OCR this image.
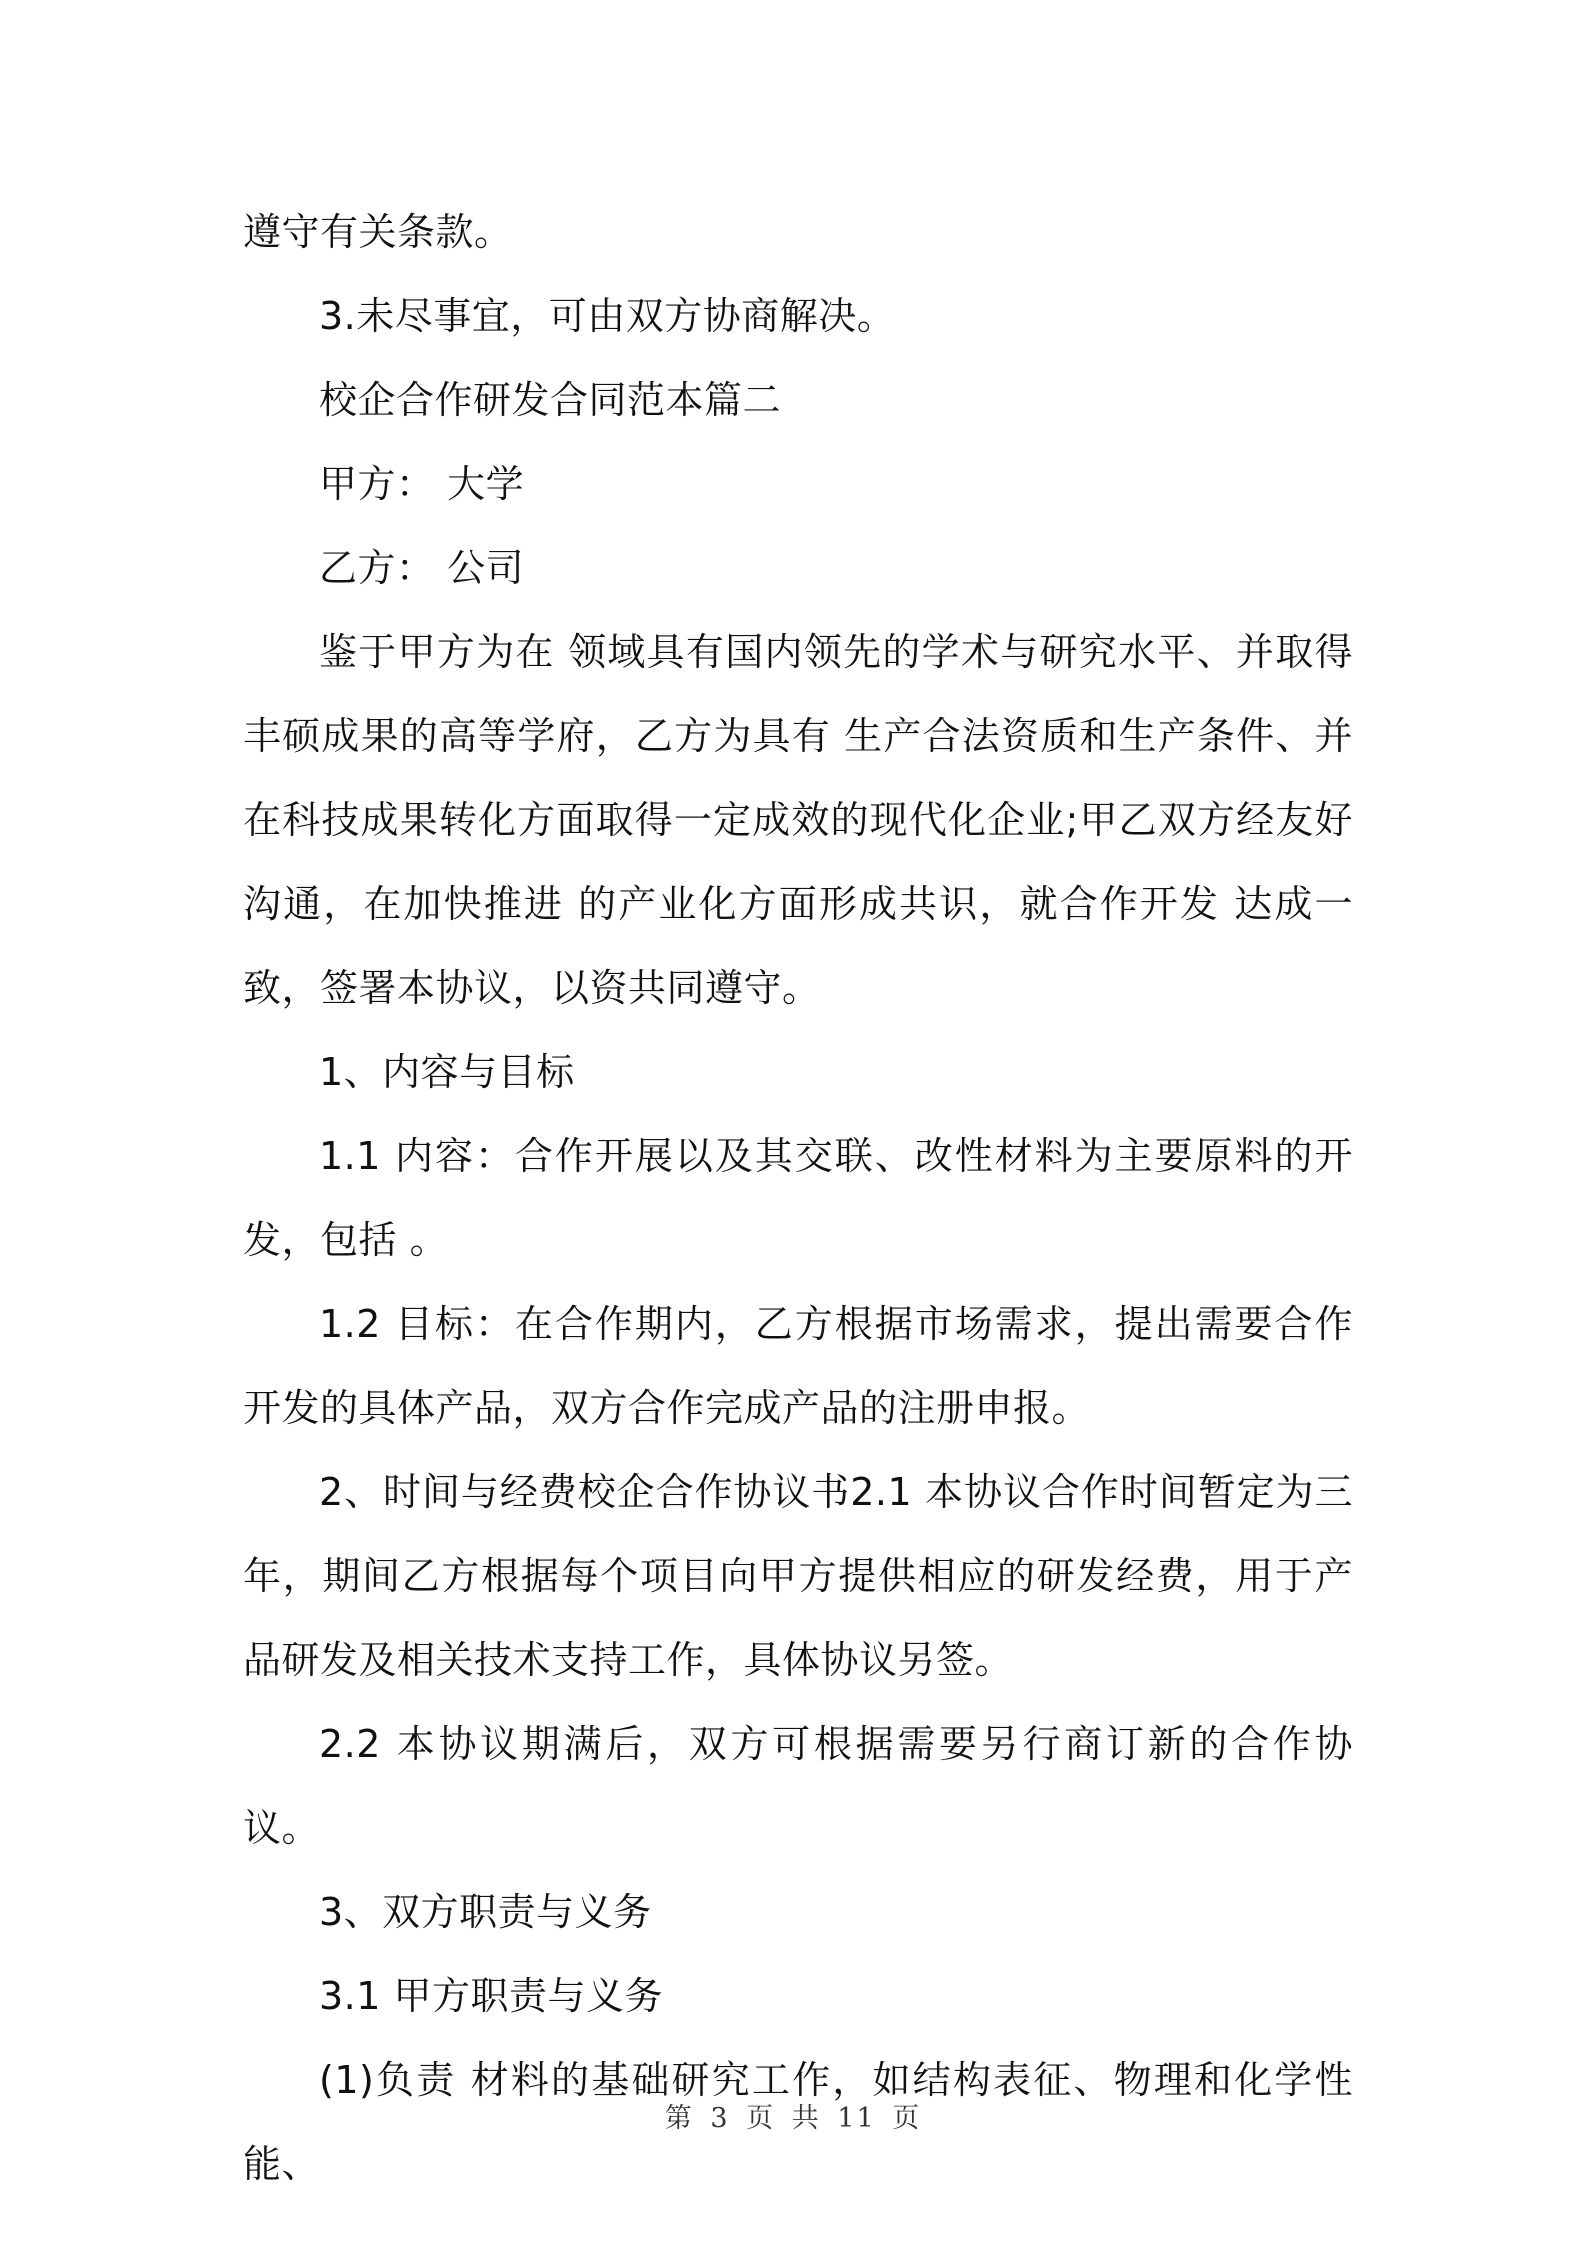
遵守有关条款。

3.未尽事宜，可由双方协商解决。

校企合作研发合同范本篇二

甲方： 大学

乙方： 公司

鉴于甲方为在 领域具有国内领先的学术与研究水平、并取得丰硕成果的高等学府，乙方为具有 生产合法资质和生产条件、并在科技成果转化方面取得一定成效的现代化企业;甲乙双方经友好沟通，在加快推进 的产业化方面形成共识，就合作开发 达成一致，签署本协议，以资共同遵守。

1、内容与目标

1.1 内容：合作开展以及其交联、改性材料为主要原料的开发，包括 。

1.2 目标：在合作期内，乙方根据市场需求，提出需要合作开发的具体产品，双方合作完成产品的注册申报。

2、时间与经费校企合作协议书2.1 本协议合作时间暂定为三年，期间乙方根据每个项目向甲方提供相应的研发经费，用于产品研发及相关技术支持工作，具体协议另签。

2.2 本协议期满后，双方可根据需要另行商订新的合作协议。

3、双方职责与义务

3.1 甲方职责与义务

(1)负责 材料的基础研究工作，如结构表征、物理和化学性能、

第 3 页 共 11 页
